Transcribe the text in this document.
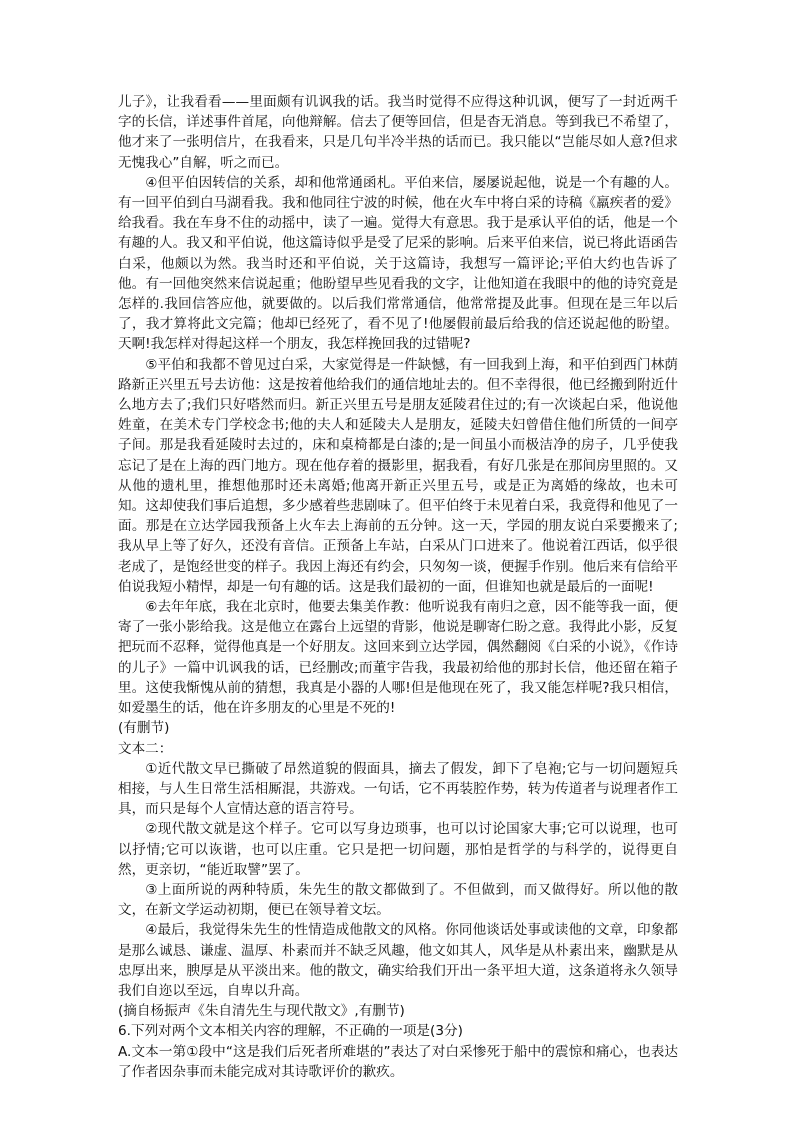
儿子》，让我看看——里面颇有讥讽我的话。我当时觉得不应得这种讥讽，便写了一封近两千字的长信，详述事件首尾，向他辩解。信去了便等回信，但是杳无消息。等到我已不希望了，他才来了一张明信片，在我看来，只是几句半冷半热的话而已。我只能以“岂能尽如人意?但求无愧我心”自解，听之而已。

④但平伯因转信的关系，却和他常通函札。平伯来信，屡屡说起他，说是一个有趣的人。有一回平伯到白马湖看我。我和他同往宁波的时候，他在火车中将白采的诗稿《羸疾者的爱》给我看。我在车身不住的动摇中，读了一遍。觉得大有意思。我于是承认平伯的话，他是一个有趣的人。我又和平伯说，他这篇诗似乎是受了尼采的影响。后来平伯来信，说已将此语函告白采，他颇以为然。我当时还和平伯说，关于这篇诗，我想写一篇评论;平伯大约也告诉了他。有一回他突然来信说起重；他盼望早些见看我的文字，让他知道在我眼中的他的诗究竟是怎样的.我回信答应他，就要做的。以后我们常常通信，他常常提及此事。但现在是三年以后了，我才算将此文完篇；他却已经死了，看不见了!他屡假前最后给我的信还说起他的盼望。天啊!我怎样对得起这样一个朋友，我怎样挽回我的过错呢?

⑤平伯和我都不曾见过白采，大家觉得是一件缺憾，有一回我到上海，和平伯到西门林荫路新正兴里五号去访他：这是按着他给我们的通信地址去的。但不幸得很，他已经搬到附近什么地方去了;我们只好嗒然而归。新正兴里五号是朋友延陵君住过的;有一次谈起白采，他说他姓童，在美术专门学校念书;他的夫人和延陵夫人是朋友，延陵夫妇曾借住他们所赁的一间亭子间。那是我看延陵时去过的，床和桌椅都是白漆的;是一间虽小而极洁净的房子，几乎使我忘记了是在上海的西门地方。现在他存着的摄影里，据我看，有好几张是在那间房里照的。又从他的遗札里，推想他那时还未离婚;他离开新正兴里五号，或是正为离婚的缘故，也未可知。这却使我们事后追想，多少感着些悲剧味了。但平伯终于未见着白采，我竟得和他见了一面。那是在立达学园我预备上火车去上海前的五分钟。这一天，学园的朋友说白采要搬来了;我从早上等了好久，还没有音信。正预备上车站，白采从门口进来了。他说着江西话，似乎很老成了，是饱经世变的样子。我因上海还有约会，只匆匆一谈，便握手作别。他后来有信给平伯说我短小精悍，却是一句有趣的话。这是我们最初的一面，但谁知也就是最后的一面呢!

⑥去年年底，我在北京时，他要去集美作教：他听说我有南归之意，因不能等我一面，便寄了一张小影给我。这是他立在露台上远望的背影，他说是聊寄仁盼之意。我得此小影，反复把玩而不忍释，觉得他真是一个好朋友。这回来到立达学园，偶然翻阅《白采的小说》，《作诗的儿子》一篇中讥讽我的话，已经删改;而董宇告我，我最初给他的那封长信，他还留在箱子里。这使我惭愧从前的猜想，我真是小器的人哪!但是他现在死了，我又能怎样呢?我只相信，如爱墨生的话，他在许多朋友的心里是不死的!

(有删节)

文本二：

①近代散文早已撕破了昂然道貌的假面具，摘去了假发，卸下了皂袍;它与一切问题短兵相接，与人生日常生活相厮混，共游戏。一句话，它不再装腔作势，转为传道者与说理者作工具，而只是每个人宣情达意的语言符号。

②现代散文就是这个样子。它可以写身边琐事，也可以讨论国家大事;它可以说理，也可以抒情;它可以诙谐，也可以庄重。它只是把一切问题，那怕是哲学的与科学的，说得更自然，更亲切，“能近取譬”罢了。

③上面所说的两种特质，朱先生的散文都做到了。不但做到，而又做得好。所以他的散文，在新文学运动初期，便已在领导着文坛。

④最后，我觉得朱先生的性情造成他散文的风格。你同他谈话处事或读他的文章，印象都是那么诚恳、谦虚、温厚、朴素而并不缺乏风趣，他文如其人，风华是从朴素出来，幽默是从忠厚出来，腴厚是从平淡出来。他的散文，确实给我们开出一条平坦大道，这条道将永久领导我们自迩以至远，自卑以升高。

(摘自杨振声《朱自清先生与现代散文》,有删节)

6.下列对两个文本相关内容的理解，不正确的一项是(3分)

A.文本一第①段中“这是我们后死者所难堪的”表达了对白采惨死于船中的震惊和痛心，也表达了作者因杂事而未能完成对其诗歌评价的歉疚。
